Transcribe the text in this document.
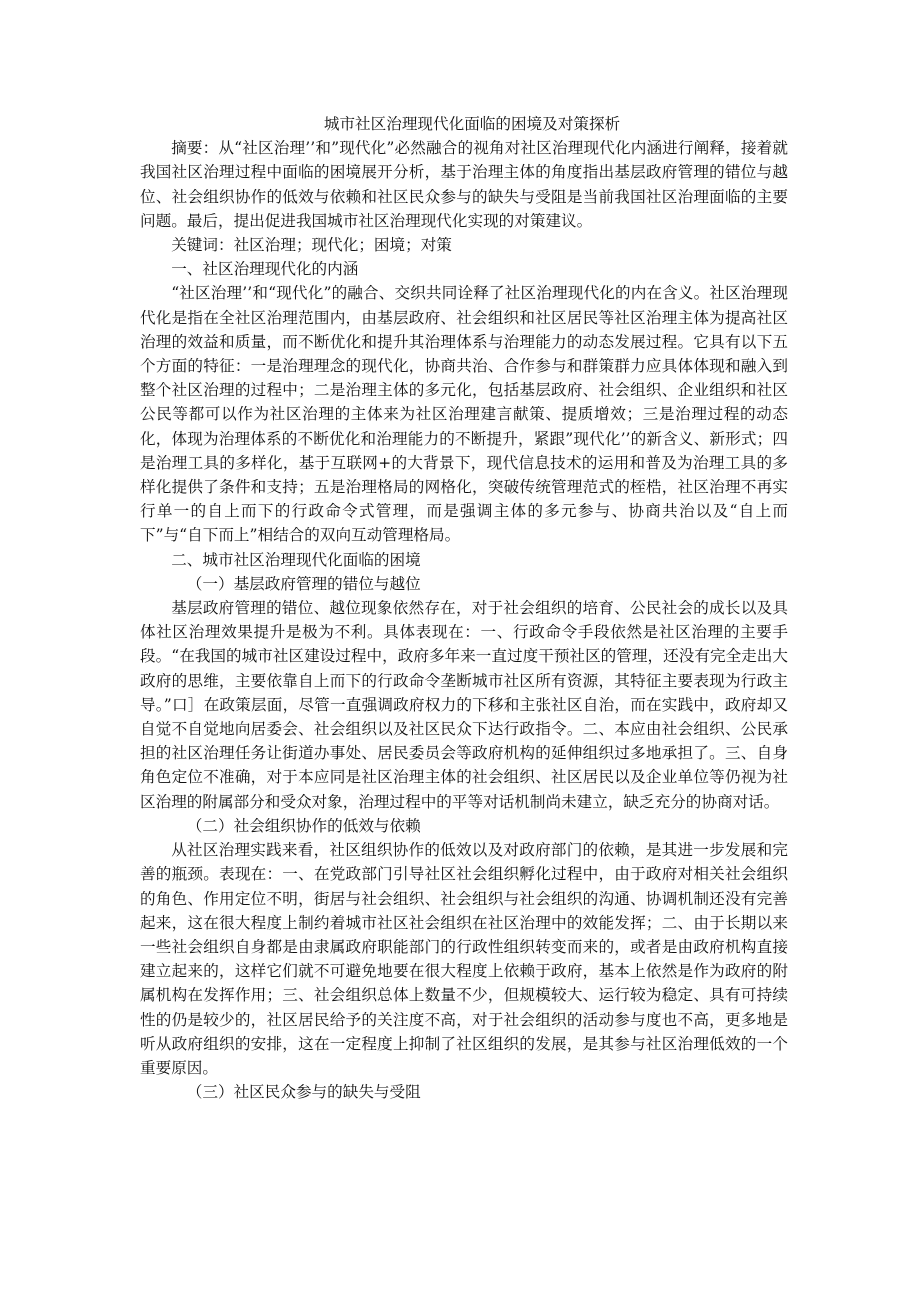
城市社区治理现代化面临的困境及对策探析

摘要：从“社区治理’’和”现代化”必然融合的视角对社区治理现代化内涵进行阐释，接着就我国社区治理过程中面临的困境展开分析，基于治理主体的角度指出基层政府管理的错位与越位、社会组织协作的低效与依赖和社区民众参与的缺失与受阻是当前我国社区治理面临的主要问题。最后，提出促进我国城市社区治理现代化实现的对策建议。

关键词：社区治理；现代化；困境；对策

一、社区治理现代化的内涵

“社区治理’’和“现代化”的融合、交织共同诠释了社区治理现代化的内在含义。社区治理现代化是指在全社区治理范围内，由基层政府、社会组织和社区居民等社区治理主体为提高社区治理的效益和质量，而不断优化和提升其治理体系与治理能力的动态发展过程。它具有以下五个方面的特征：一是治理理念的现代化，协商共治、合作参与和群策群力应具体体现和融入到整个社区治理的过程中；二是治理主体的多元化，包括基层政府、社会组织、企业组织和社区公民等都可以作为社区治理的主体来为社区治理建言献策、提质增效；三是治理过程的动态化，体现为治理体系的不断优化和治理能力的不断提升，紧跟”现代化’’的新含义、新形式；四是治理工具的多样化，基于互联网+的大背景下，现代信息技术的运用和普及为治理工具的多样化提供了条件和支持；五是治理格局的网格化，突破传统管理范式的桎梏，社区治理不再实行单一的自上而下的行政命令式管理，而是强调主体的多元参与、协商共治以及“自上而下”与“自下而上”相结合的双向互动管理格局。

二、城市社区治理现代化面临的困境

（一）基层政府管理的错位与越位

基层政府管理的错位、越位现象依然存在，对于社会组织的培育、公民社会的成长以及具体社区治理效果提升是极为不利。具体表现在：一、行政命令手段依然是社区治理的主要手段。“在我国的城市社区建设过程中，政府多年来一直过度干预社区的管理，还没有完全走出大政府的思维，主要依靠自上而下的行政命令垄断城市社区所有资源，其特征主要表现为行政主导。”口］在政策层面，尽管一直强调政府权力的下移和主张社区自治，而在实践中，政府却又自觉不自觉地向居委会、社会组织以及社区民众下达行政指令。二、本应由社会组织、公民承担的社区治理任务让街道办事处、居民委员会等政府机构的延伸组织过多地承担了。三、自身角色定位不准确，对于本应同是社区治理主体的社会组织、社区居民以及企业单位等仍视为社区治理的附属部分和受众对象，治理过程中的平等对话机制尚未建立，缺乏充分的协商对话。

（二）社会组织协作的低效与依赖

从社区治理实践来看，社区组织协作的低效以及对政府部门的依赖，是其进一步发展和完善的瓶颈。表现在：一、在党政部门引导社区社会组织孵化过程中，由于政府对相关社会组织的角色、作用定位不明，街居与社会组织、社会组织与社会组织的沟通、协调机制还没有完善起来，这在很大程度上制约着城市社区社会组织在社区治理中的效能发挥；二、由于长期以来一些社会组织自身都是由隶属政府职能部门的行政性组织转变而来的，或者是由政府机构直接建立起来的，这样它们就不可避免地要在很大程度上依赖于政府，基本上依然是作为政府的附属机构在发挥作用；三、社会组织总体上数量不少，但规模较大、运行较为稳定、具有可持续性的仍是较少的，社区居民给予的关注度不高，对于社会组织的活动参与度也不高，更多地是听从政府组织的安排，这在一定程度上抑制了社区组织的发展，是其参与社区治理低效的一个重要原因。

（三）社区民众参与的缺失与受阻
